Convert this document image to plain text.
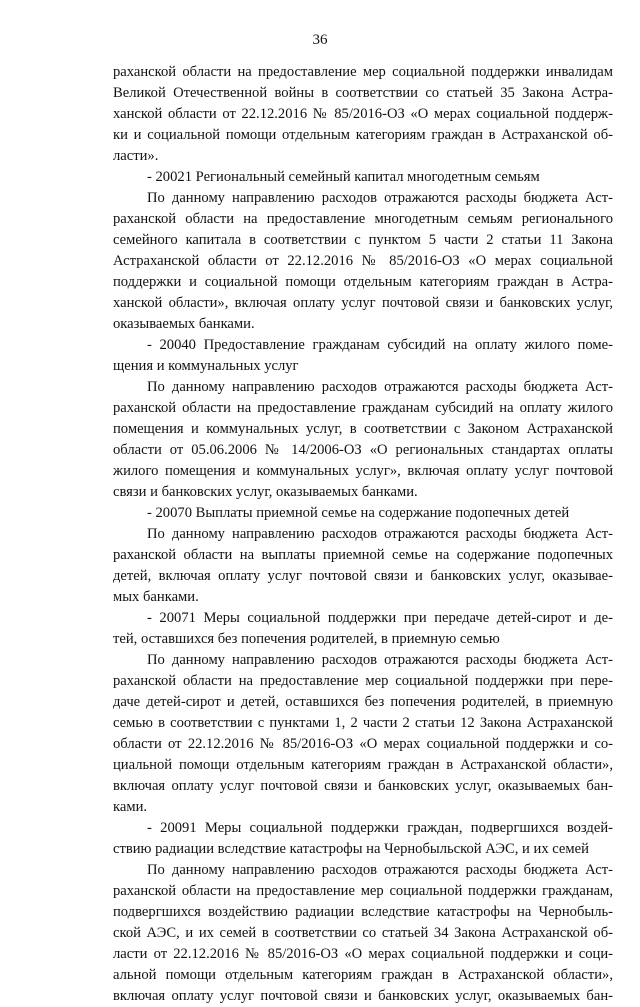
36
раханской области на предоставление мер социальной поддержки инвалидам
Великой Отечественной войны в соответствии со статьей 35 Закона Астра-
ханской области от 22.12.2016 № 85/2016-ОЗ «О мерах социальной поддерж-
ки и социальной помощи отдельным категориям граждан в Астраханской об-
ласти».
- 20021 Региональный семейный капитал многодетным семьям
По данному направлению расходов отражаются расходы бюджета Аст-
раханской области на предоставление многодетным семьям регионального
семейного капитала в соответствии с пунктом 5 части 2 статьи 11 Закона
Астраханской области от 22.12.2016 № 85/2016-ОЗ «О мерах социальной
поддержки и социальной помощи отдельным категориям граждан в Астра-
ханской области», включая оплату услуг почтовой связи и банковских услуг,
оказываемых банками.
- 20040 Предоставление гражданам субсидий на оплату жилого поме-
щения и коммунальных услуг
По данному направлению расходов отражаются расходы бюджета Аст-
раханской области на предоставление гражданам субсидий на оплату жилого
помещения и коммунальных услуг, в соответствии с Законом Астраханской
области от 05.06.2006 № 14/2006-ОЗ «О региональных стандартах оплаты
жилого помещения и коммунальных услуг», включая оплату услуг почтовой
связи и банковских услуг, оказываемых банками.
- 20070 Выплаты приемной семье на содержание подопечных детей
По данному направлению расходов отражаются расходы бюджета Аст-
раханской области на выплаты приемной семье на содержание подопечных
детей, включая оплату услуг почтовой связи и банковских услуг, оказывае-
мых банками.
- 20071 Меры социальной поддержки при передаче детей-сирот и де-
тей, оставшихся без попечения родителей, в приемную семью
По данному направлению расходов отражаются расходы бюджета Аст-
раханской области на предоставление мер социальной поддержки при пере-
даче детей-сирот и детей, оставшихся без попечения родителей, в приемную
семью в соответствии с пунктами 1, 2 части 2 статьи 12 Закона Астраханской
области от 22.12.2016 № 85/2016-ОЗ «О мерах социальной поддержки и со-
циальной помощи отдельным категориям граждан в Астраханской области»,
включая оплату услуг почтовой связи и банковских услуг, оказываемых бан-
ками.
- 20091 Меры социальной поддержки граждан, подвергшихся воздей-
ствию радиации вследствие катастрофы на Чернобыльской АЭС, и их семей
По данному направлению расходов отражаются расходы бюджета Аст-
раханской области на предоставление мер социальной поддержки гражданам,
подвергшихся воздействию радиации вследствие катастрофы на Чернобыль-
ской АЭС, и их семей в соответствии со статьей 34 Закона Астраханской об-
ласти от 22.12.2016 № 85/2016-ОЗ «О мерах социальной поддержки и соци-
альной помощи отдельным категориям граждан в Астраханской области»,
включая оплату услуг почтовой связи и банковских услуг, оказываемых бан-
